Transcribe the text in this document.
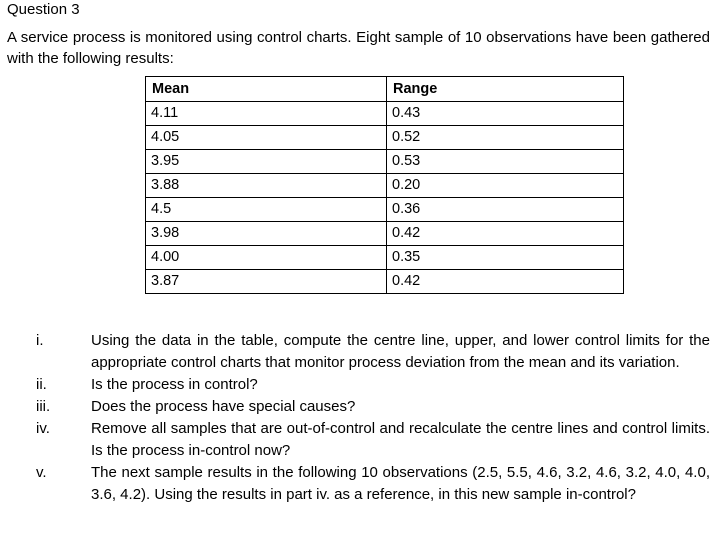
Question 3
A service process is monitored using control charts. Eight sample of 10 observations have been gathered with the following results:
Mean	Range
4.11	0.43
4.05	0.52
3.95	0.53
3.88	0.20
4.5	0.36
3.98	0.42
4.00	0.35
3.87	0.42
i.	Using the data in the table, compute the centre line, upper, and lower control limits for the appropriate control charts that monitor process deviation from the mean and its variation.
ii.	Is the process in control?
iii.	Does the process have special causes?
iv.	Remove all samples that are out-of-control and recalculate the centre lines and control limits. Is the process in-control now?
v.	The next sample results in the following 10 observations (2.5, 5.5, 4.6, 3.2, 4.6, 3.2, 4.0, 4.0, 3.6, 4.2). Using the results in part iv. as a reference, in this new sample in-control?
